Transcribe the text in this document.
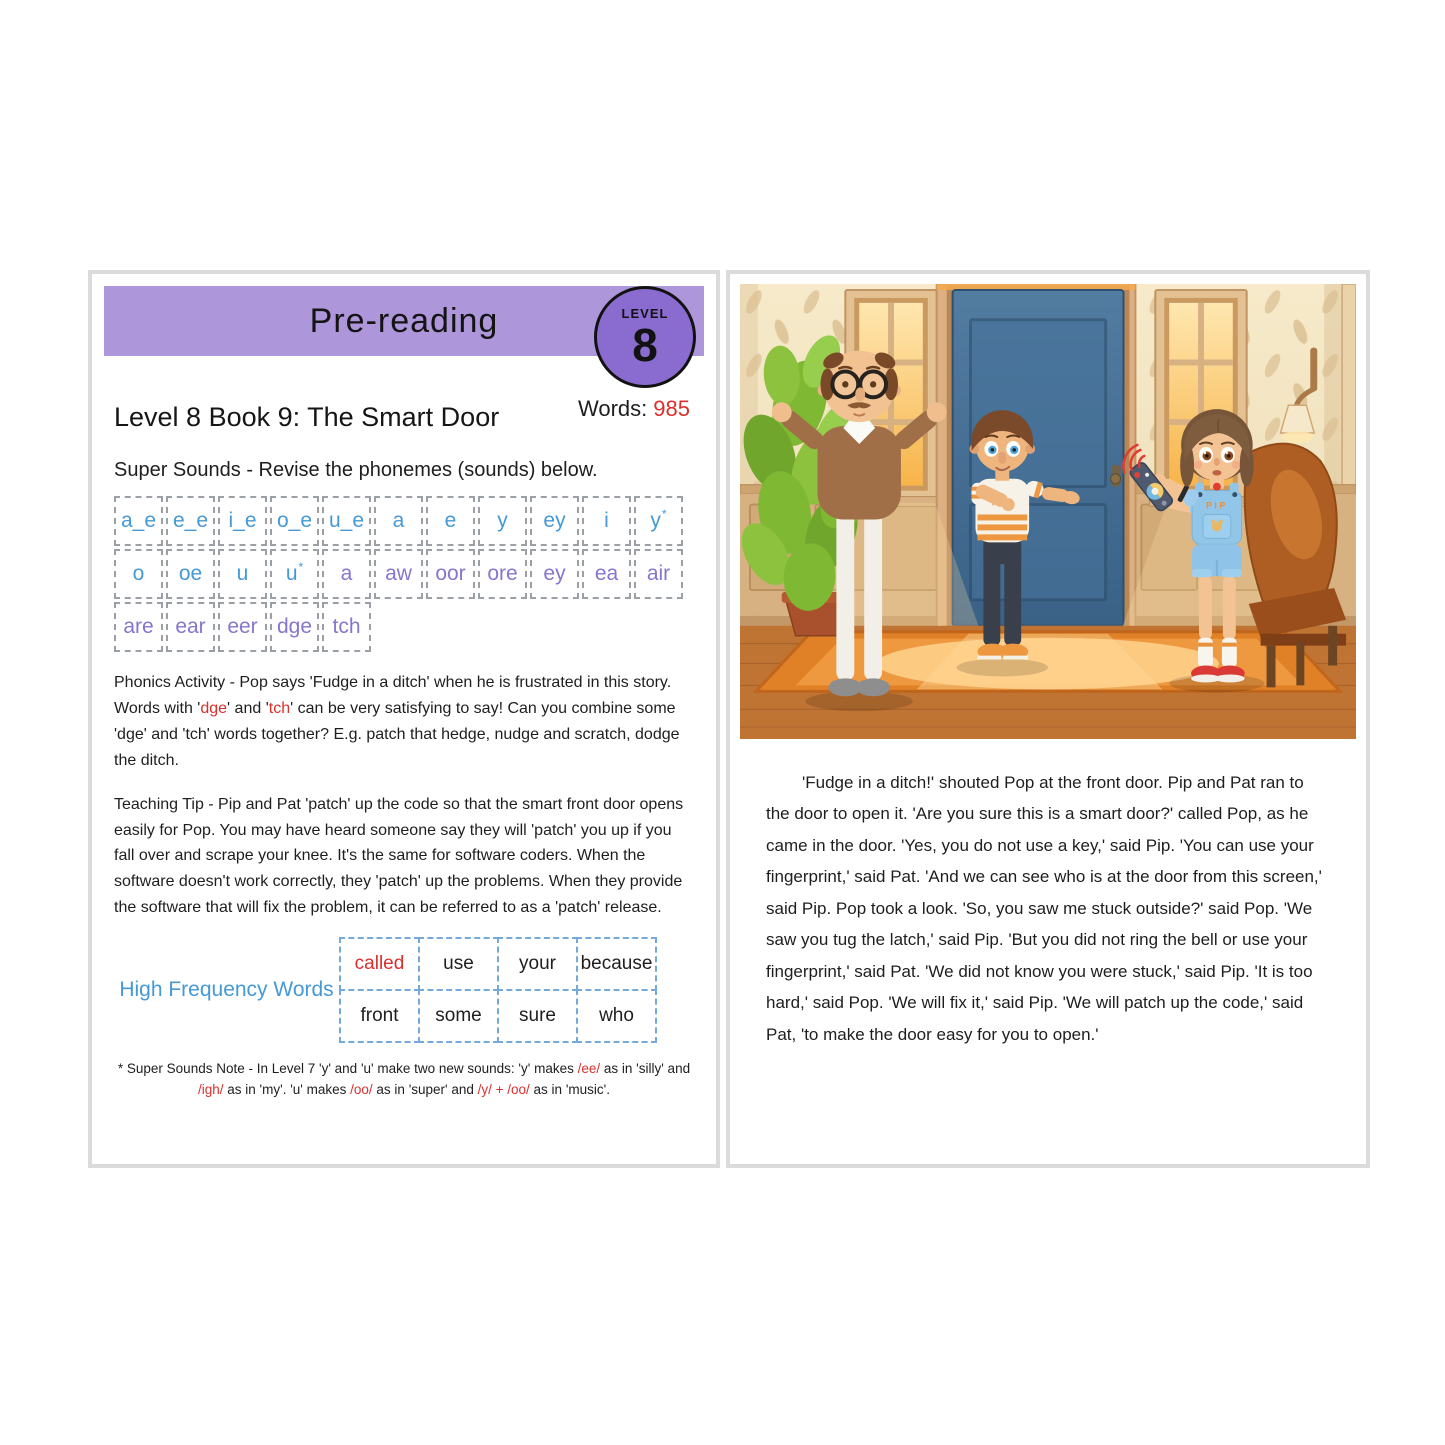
Pre-reading	LEVEL
8
Words: 985
Level 8 Book 9: The Smart Door
Super Sounds - Revise the phonemes (sounds) below.
a_e e_e i_e o_e u_e	a	e	y	ey	i	y *
o	oe	u	u *	a	aw	oor	ore	ey	ea	air
are	ear	eer dge tch
Phonics Activity - Pop says 'Fudge in a ditch' when he is frustrated in this story. Words with 'dge' and 'tch' can be very satisfying to say! Can you combine some 'dge' and 'tch' words together? E.g. patch that hedge, nudge and scratch, dodge the ditch.
Teaching Tip - Pip and Pat 'patch' up the code so that the smart front door opens easily for Pop. You may have heard someone say they will 'patch' you up if you fall over and scrape your knee. It's the same for software coders. When the software doesn't work correctly, they 'patch' up the problems. When they provide the software that will fix the problem, it can be referred to as a 'patch' release.
High Frequency Words
called	use	your	because
front	some	sure	who
* Super Sounds Note - In Level 7 'y' and 'u' make two new sounds: 'y' makes /ee/ as in 'silly' and /igh/ as in 'my'. 'u' makes /oo/ as in 'super' and /y/ + /oo/ as in 'music'.
PIP
'Fudge in a ditch!' shouted Pop at the front door. Pip and Pat ran to the door to open it. 'Are you sure this is a smart door?' called Pop, as he came in the door. 'Yes, you do not use a key,' said Pip. 'You can use your fingerprint,' said Pat. 'And we can see who is at the door from this screen,' said Pip. Pop took a look. 'So, you saw me stuck outside?' said Pop. 'We saw you tug the latch,' said Pip. 'But you did not ring the bell or use your fingerprint,' said Pat. 'We did not know you were stuck,' said Pip. 'It is too hard,' said Pop. 'We will fix it,' said Pip. 'We will patch up the code,' said Pat, 'to make the door easy for you to open.'
